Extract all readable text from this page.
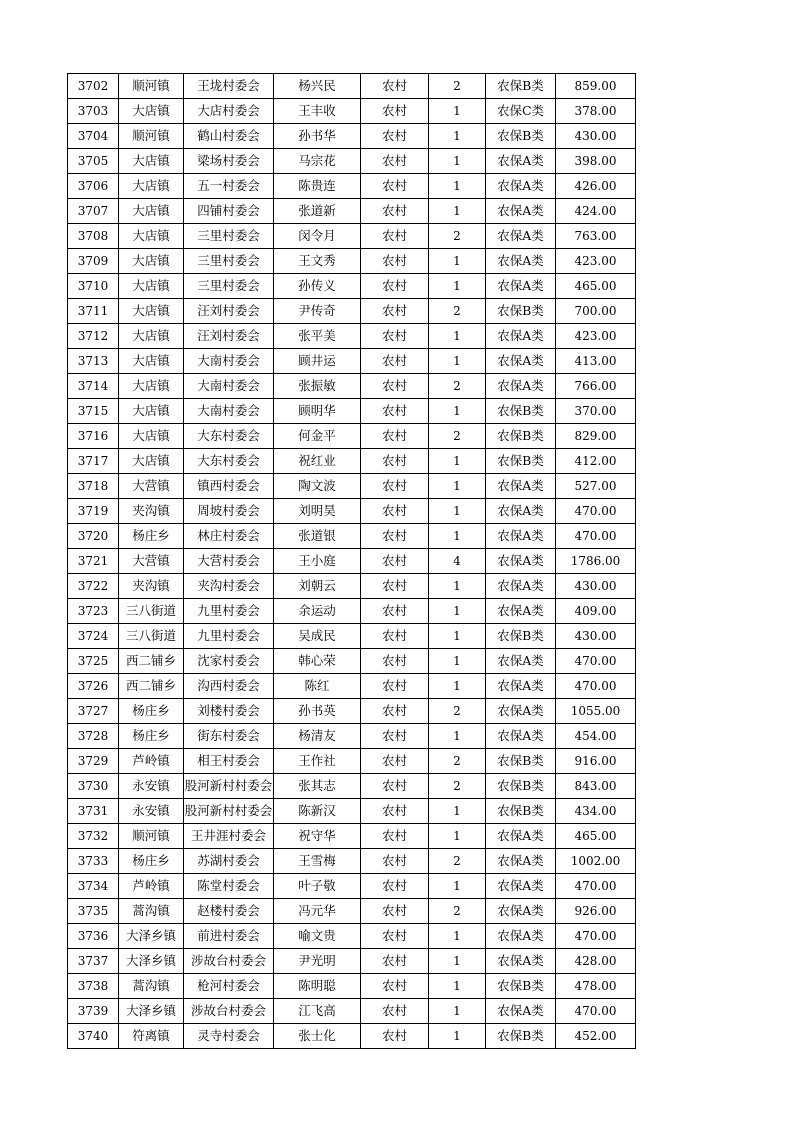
3702	顺河镇	王垅村委会	杨兴民	农村	2	农保B类	859.00
3703	大店镇	大店村委会	王丰收	农村	1	农保C类	378.00
3704	顺河镇	鹤山村委会	孙书华	农村	1	农保B类	430.00
3705	大店镇	梁场村委会	马宗花	农村	1	农保A类	398.00
3706	大店镇	五一村委会	陈贵连	农村	1	农保A类	426.00
3707	大店镇	四铺村委会	张道新	农村	1	农保A类	424.00
3708	大店镇	三里村委会	闵令月	农村	2	农保A类	763.00
3709	大店镇	三里村委会	王文秀	农村	1	农保A类	423.00
3710	大店镇	三里村委会	孙传义	农村	1	农保A类	465.00
3711	大店镇	汪刘村委会	尹传奇	农村	2	农保B类	700.00
3712	大店镇	汪刘村委会	张平美	农村	1	农保A类	423.00
3713	大店镇	大南村委会	顾井运	农村	1	农保A类	413.00
3714	大店镇	大南村委会	张振敏	农村	2	农保A类	766.00
3715	大店镇	大南村委会	顾明华	农村	1	农保B类	370.00
3716	大店镇	大东村委会	何金平	农村	2	农保B类	829.00
3717	大店镇	大东村委会	祝红业	农村	1	农保B类	412.00
3718	大营镇	镇西村委会	陶文波	农村	1	农保A类	527.00
3719	夹沟镇	周坡村委会	刘明昊	农村	1	农保A类	470.00
3720	杨庄乡	林庄村委会	张道银	农村	1	农保A类	470.00
3721	大营镇	大营村委会	王小庭	农村	4	农保A类	1786.00
3722	夹沟镇	夹沟村委会	刘朝云	农村	1	农保A类	430.00
3723	三八街道	九里村委会	余运动	农村	1	农保A类	409.00
3724	三八街道	九里村委会	吴成民	农村	1	农保B类	430.00
3725	西二铺乡	沈家村委会	韩心荣	农村	1	农保A类	470.00
3726	西二铺乡	沟西村委会	陈红	农村	1	农保A类	470.00
3727	杨庄乡	刘楼村委会	孙书英	农村	2	农保A类	1055.00
3728	杨庄乡	街东村委会	杨清友	农村	1	农保A类	454.00
3729	芦岭镇	相王村委会	王作社	农村	2	农保B类	916.00
3730	永安镇	股河新村村委会	张其志	农村	2	农保B类	843.00
3731	永安镇	股河新村村委会	陈新汉	农村	1	农保B类	434.00
3732	顺河镇	王井涯村委会	祝守华	农村	1	农保A类	465.00
3733	杨庄乡	苏湖村委会	王雪梅	农村	2	农保A类	1002.00
3734	芦岭镇	陈堂村委会	叶子敬	农村	1	农保A类	470.00
3735	蒿沟镇	赵楼村委会	冯元华	农村	2	农保A类	926.00
3736	大泽乡镇	前进村委会	喻文贵	农村	1	农保A类	470.00
3737	大泽乡镇	涉故台村委会	尹光明	农村	1	农保A类	428.00
3738	蒿沟镇	枪河村委会	陈明聪	农村	1	农保B类	478.00
3739	大泽乡镇	涉故台村委会	江飞高	农村	1	农保A类	470.00
3740	符离镇	灵寺村委会	张士化	农村	1	农保B类	452.00
